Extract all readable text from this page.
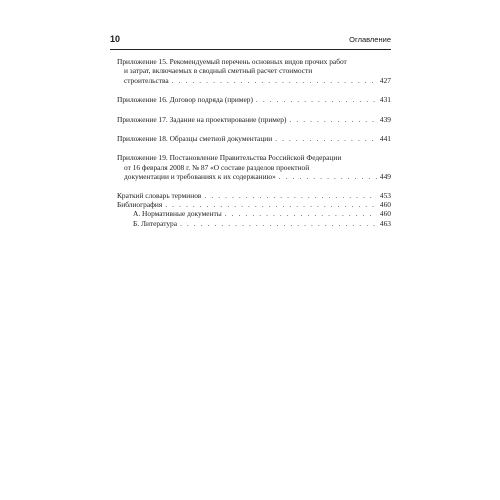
10	Оглавление
Приложение 15. Рекомендуемый перечень основных видов прочих работ
и затрат, включаемых в сводный сметный расчет стоимости
строительства . . .	427
Приложение 16. Договор подряда (пример) . . .	431
Приложение 17. Задание на проектирование (пример) . . .	439
Приложение 18. Образцы сметной документации . . .	441
Приложение 19. Постановление Правительства Российской Федерации
от 16 февраля 2008 г. № 87 «О составе разделов проектной
документации и требованиях к их содержанию» . . .	449
Краткий словарь терминов . . .	453
Библиография . . .	460
А. Нормативные документы . . .	460
Б. Литература . . .	463
